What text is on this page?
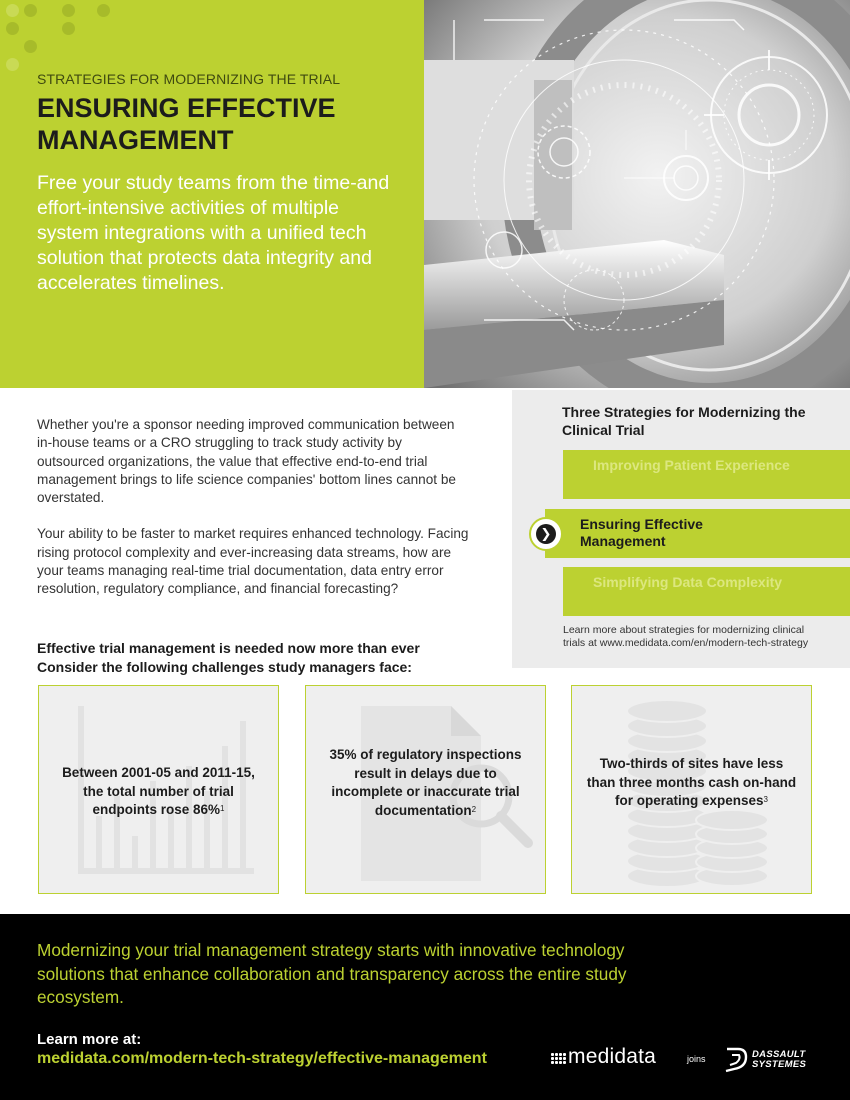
STRATEGIES FOR MODERNIZING THE TRIAL
ENSURING EFFECTIVE MANAGEMENT

Free your study teams from the time-and effort-intensive activities of multiple system integrations with a unified tech solution that protects data integrity and accelerates timelines.

Whether you're a sponsor needing improved communication between in-house teams or a CRO struggling to track study activity by outsourced organizations, the value that effective end-to-end trial management brings to life science companies' bottom lines cannot be overstated.

Your ability to be faster to market requires enhanced technology. Facing rising protocol complexity and ever-increasing data streams, how are your teams managing real-time trial documentation, data entry error resolution, regulatory compliance, and financial forecasting?

Effective trial management is needed now more than ever
Consider the following challenges study managers face:
Three Strategies for Modernizing the Clinical Trial
Improving Patient Experience
Ensuring Effective Management
❯
Simplifying Data Complexity
Learn more about strategies for modernizing clinical trials at www.medidata.com/en/modern-tech-strategy
Between 2001-05 and 2011-15, the total number of trial endpoints rose 86%$^1$
35% of regulatory inspections result in delays due to incomplete or inaccurate trial documentation$^2$
Two-thirds of sites have less than three months cash on-hand for operating expenses$^3$

Modernizing your trial management strategy starts with innovative technology solutions that enhance collaboration and transparency across the entire study ecosystem.

Learn more at:
medidata.com/modern-tech-strategy/effective-management	medidata	joins	DASSAULT
SYSTEMES
